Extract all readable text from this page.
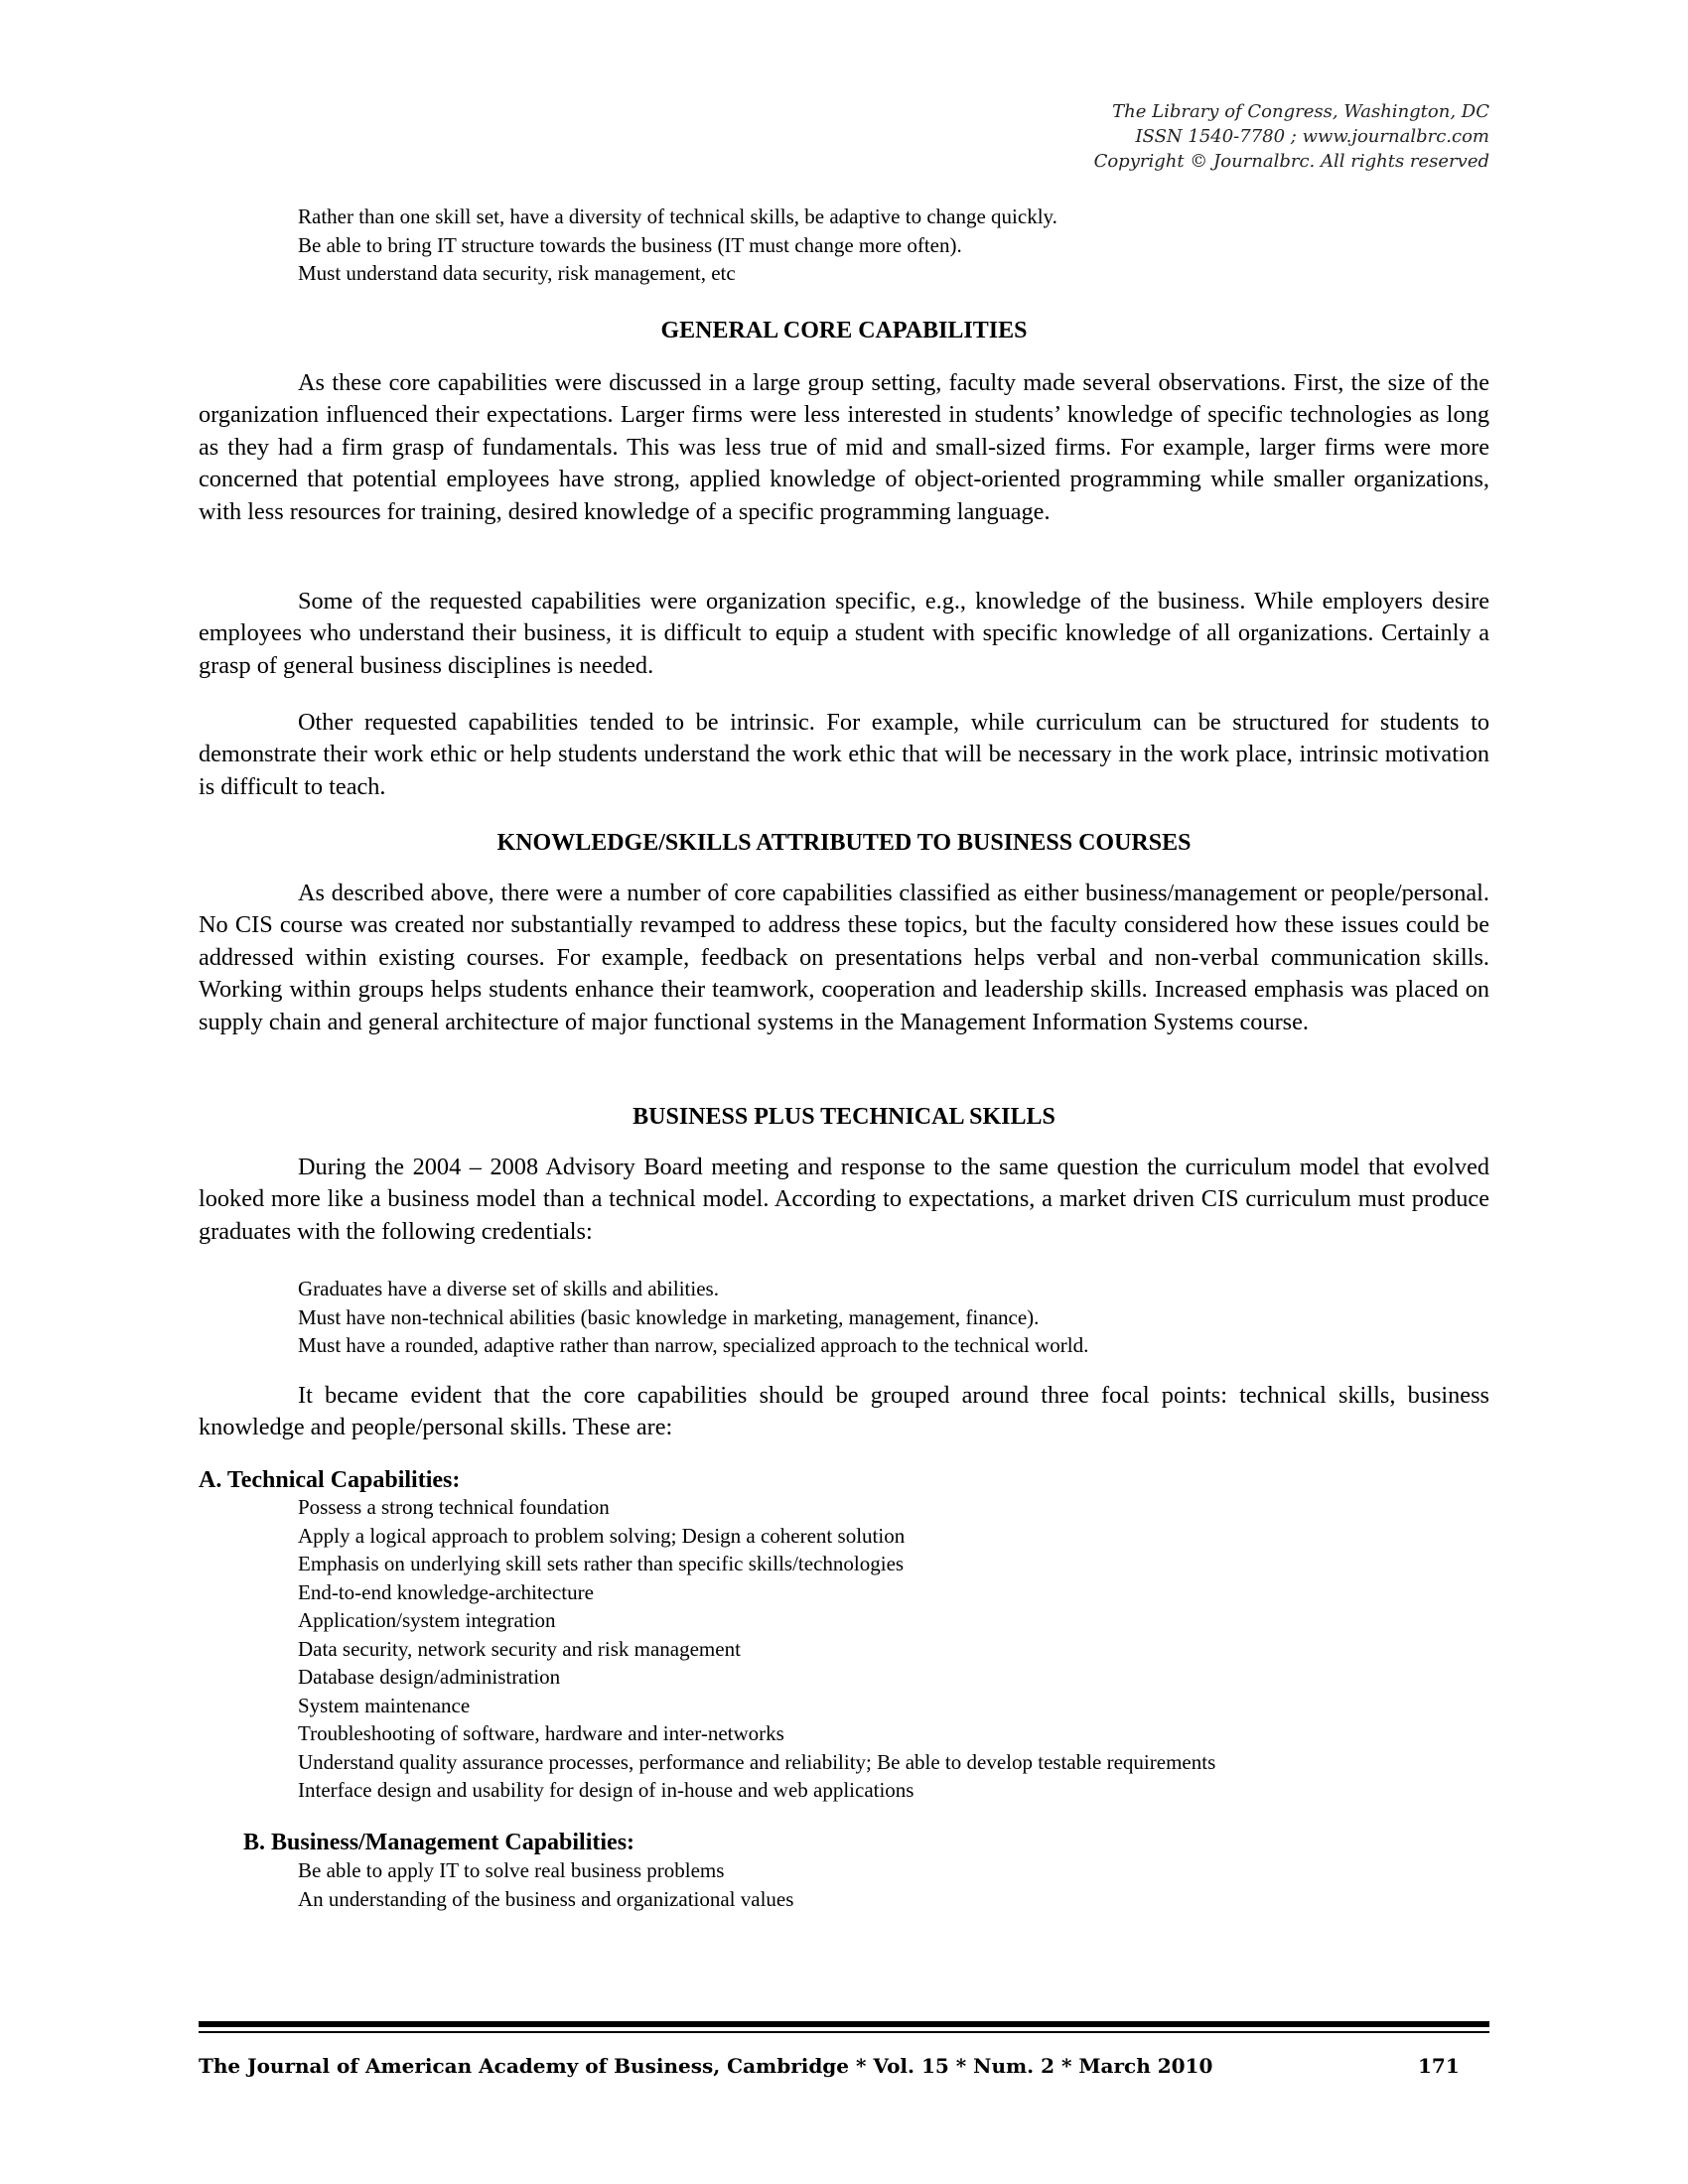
The Library of Congress, Washington, DC
ISSN 1540-7780 ; www.journalbrc.com
Copyright © Journalbrc. All rights reserved
Rather than one skill set, have a diversity of technical skills, be adaptive to change quickly.
Be able to bring IT structure towards the business (IT must change more often).
Must understand data security, risk management, etc
GENERAL CORE CAPABILITIES

As these core capabilities were discussed in a large group setting, faculty made several observations. First, the size of the organization influenced their expectations. Larger firms were less interested in students’ knowledge of specific technologies as long as they had a firm grasp of fundamentals. This was less true of mid and small-sized firms. For example, larger firms were more concerned that potential employees have strong, applied knowledge of object-oriented programming while smaller organizations, with less resources for training, desired knowledge of a specific programming language.

Some of the requested capabilities were organization specific, e.g., knowledge of the business. While employers desire employees who understand their business, it is difficult to equip a student with specific knowledge of all organizations. Certainly a grasp of general business disciplines is needed.

Other requested capabilities tended to be intrinsic. For example, while curriculum can be structured for students to demonstrate their work ethic or help students understand the work ethic that will be necessary in the work place, intrinsic motivation is difficult to teach.

KNOWLEDGE/SKILLS ATTRIBUTED TO BUSINESS COURSES

As described above, there were a number of core capabilities classified as either business/management or people/personal. No CIS course was created nor substantially revamped to address these topics, but the faculty considered how these issues could be addressed within existing courses. For example, feedback on presentations helps verbal and non-verbal communication skills. Working within groups helps students enhance their teamwork, cooperation and leadership skills. Increased emphasis was placed on supply chain and general architecture of major functional systems in the Management Information Systems course.

BUSINESS PLUS TECHNICAL SKILLS

During the 2004 – 2008 Advisory Board meeting and response to the same question the curriculum model that evolved looked more like a business model than a technical model. According to expectations, a market driven CIS curriculum must produce graduates with the following credentials:

Graduates have a diverse set of skills and abilities.
Must have non-technical abilities (basic knowledge in marketing, management, finance).
Must have a rounded, adaptive rather than narrow, specialized approach to the technical world.

It became evident that the core capabilities should be grouped around three focal points: technical skills, business knowledge and people/personal skills. These are:

A. Technical Capabilities:
Possess a strong technical foundation
Apply a logical approach to problem solving; Design a coherent solution
Emphasis on underlying skill sets rather than specific skills/technologies
End-to-end knowledge-architecture
Application/system integration
Data security, network security and risk management
Database design/administration
System maintenance
Troubleshooting of software, hardware and inter-networks
Understand quality assurance processes, performance and reliability; Be able to develop testable requirements
Interface design and usability for design of in-house and web applications
B. Business/Management Capabilities:
Be able to apply IT to solve real business problems
An understanding of the business and organizational values
The Journal of American Academy of Business, Cambridge * Vol. 15 * Num. 2 * March 2010	171
